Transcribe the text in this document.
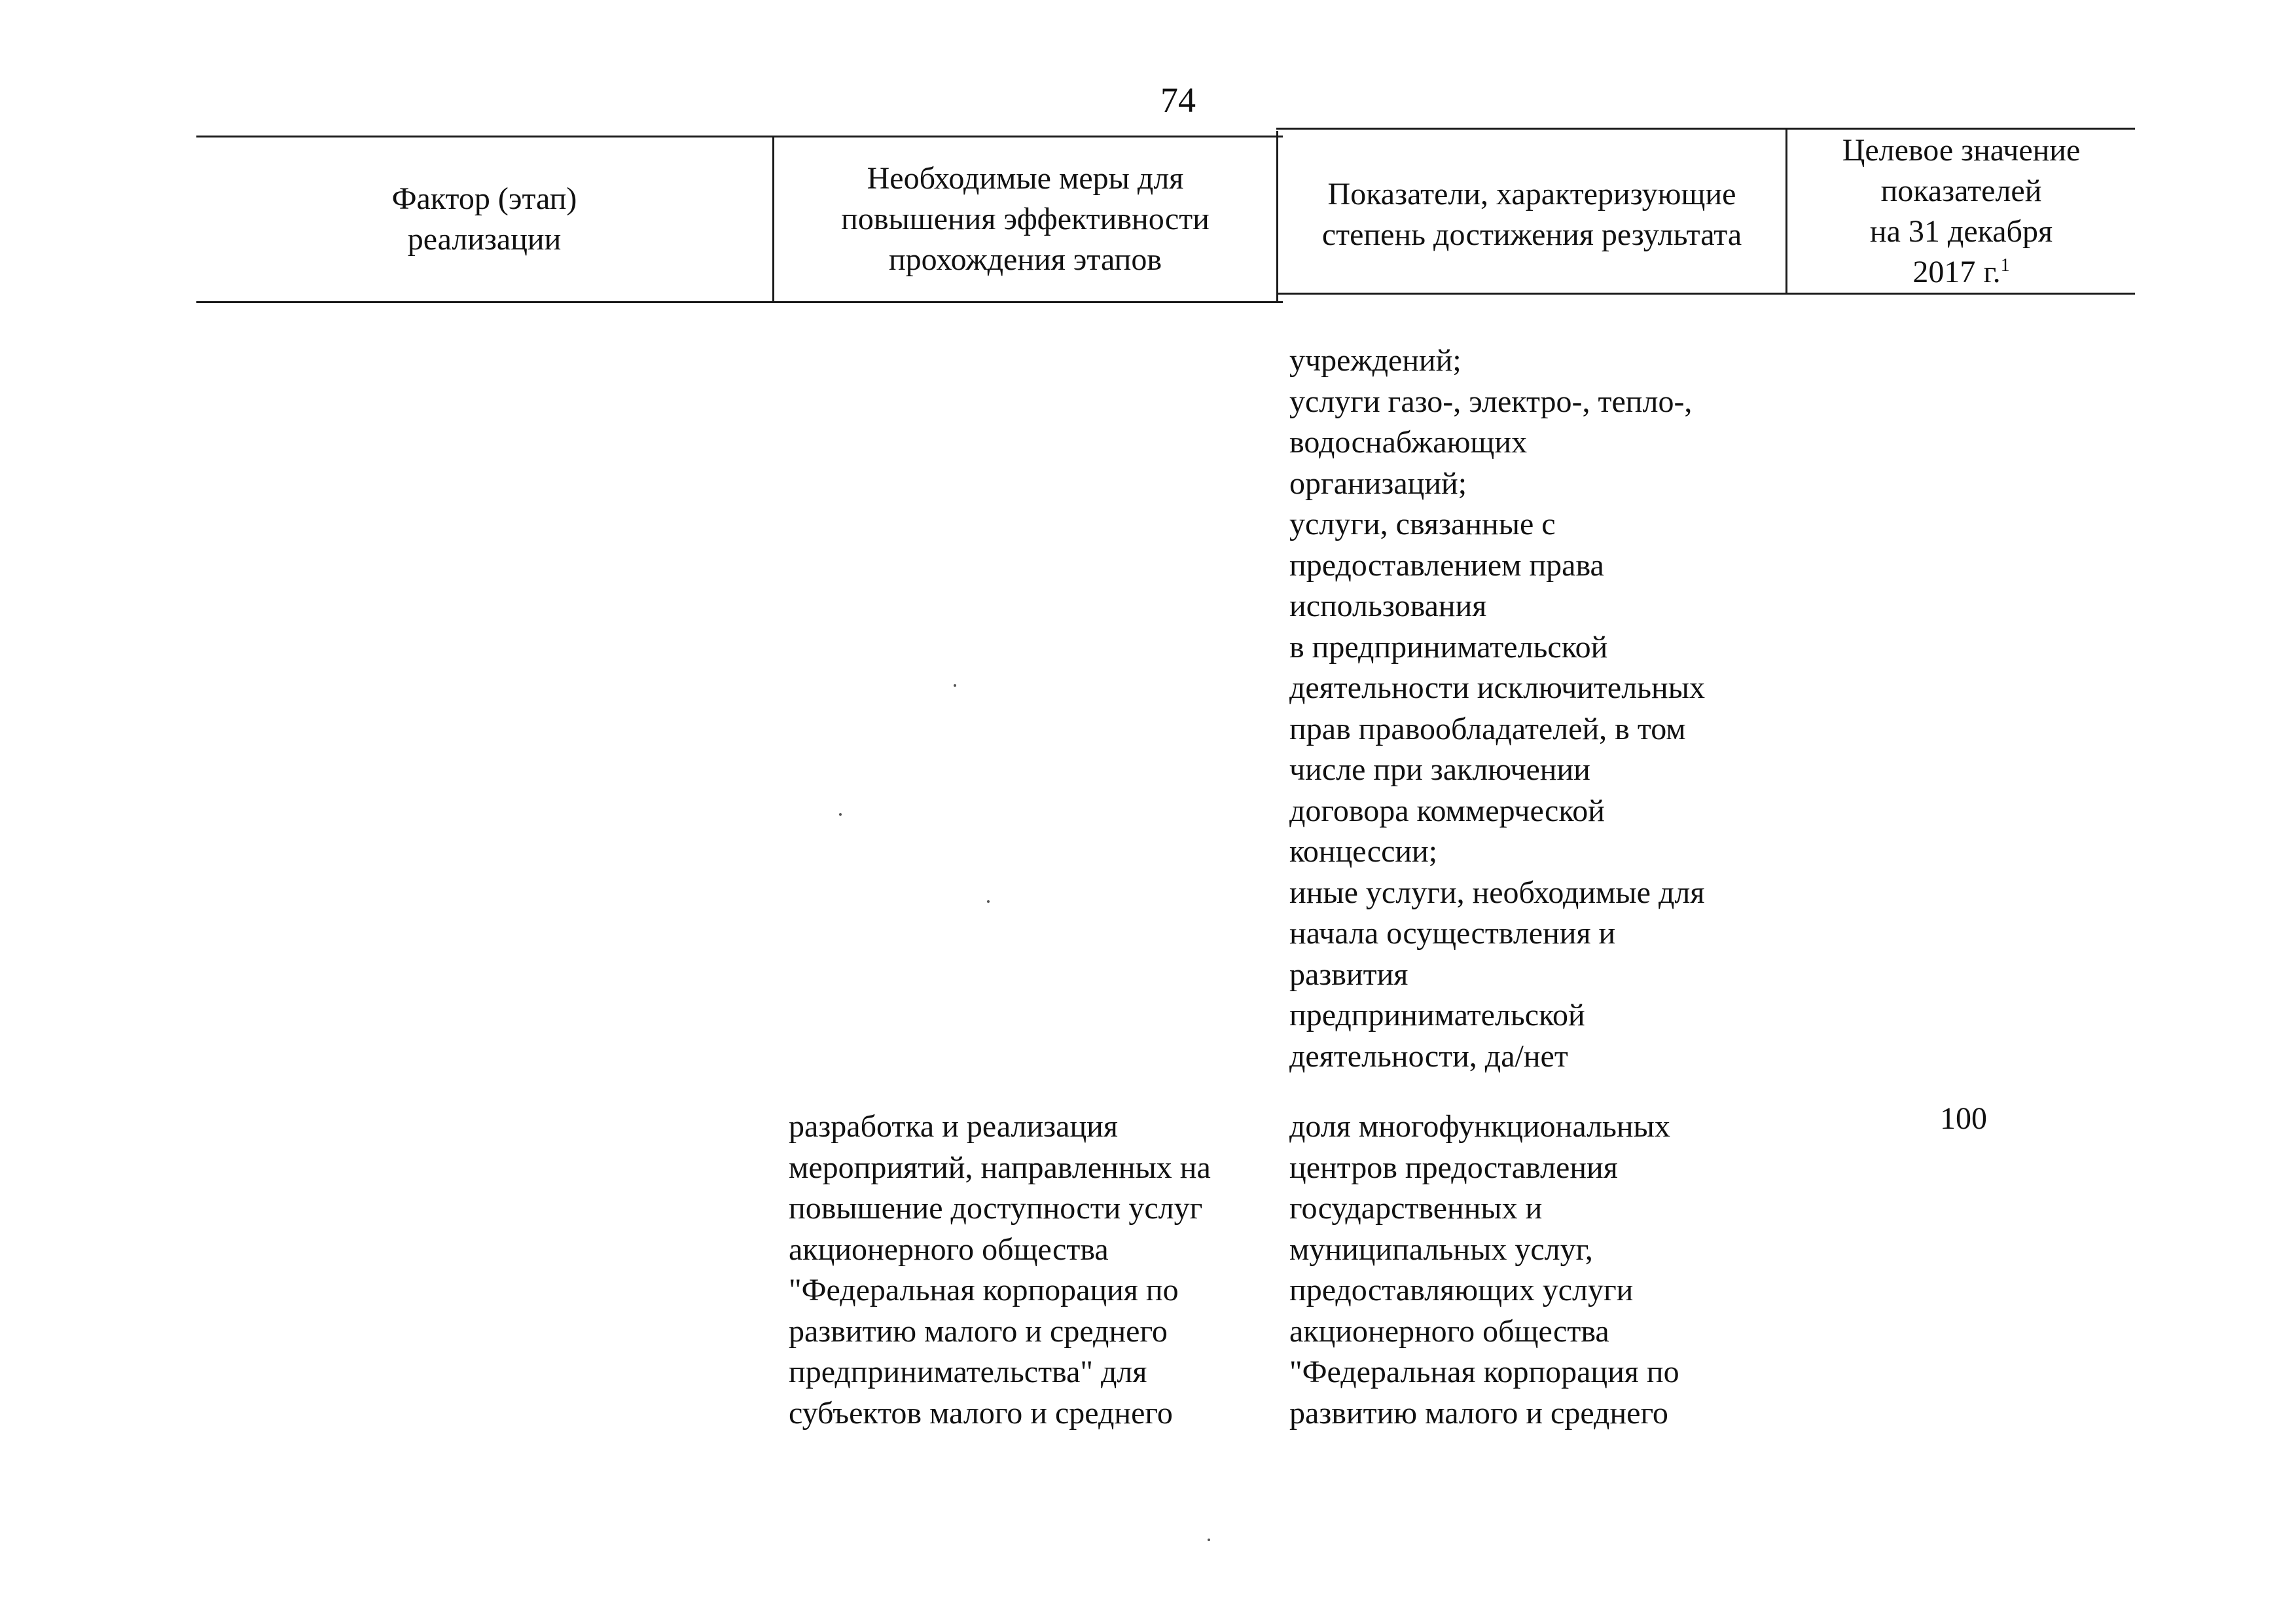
74
Фактор (этап)
реализации
Необходимые меры для
повышения эффективности
прохождения этапов
Показатели, характеризующие
степень достижения результата
Целевое значение
показателей
на 31 декабря
2017 г.$^1$
учреждений;
услуги газо-, электро-, тепло-,
водоснабжающих
организаций;
услуги, связанные с
предоставлением права
использования
в предпринимательской
деятельности исключительных
прав правообладателей, в том
числе при заключении
договора коммерческой
концессии;
иные услуги, необходимые для
начала осуществления и
развития
предпринимательской
деятельности, да/нет
разработка и реализация
мероприятий, направленных на
повышение доступности услуг
акционерного общества
"Федеральная корпорация по
развитию малого и среднего
предпринимательства" для
субъектов малого и среднего
доля многофункциональных
центров предоставления
государственных и
муниципальных услуг,
предоставляющих услуги
акционерного общества
"Федеральная корпорация по
развитию малого и среднего
100
